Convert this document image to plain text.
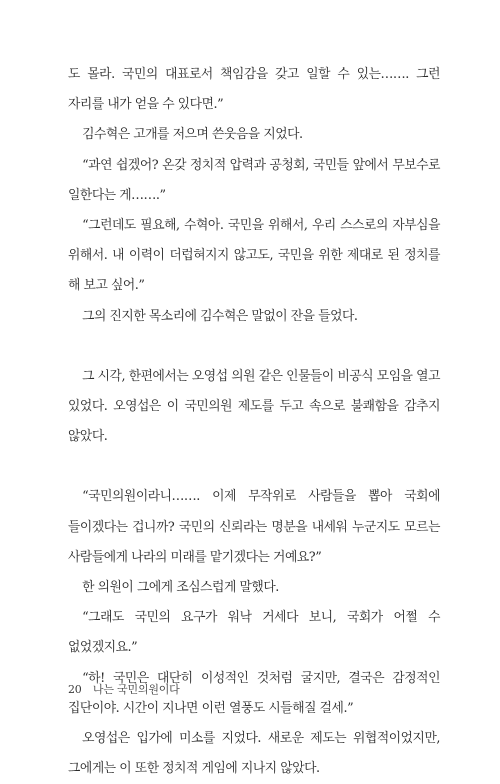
도 몰라. 국민의 대표로서 책임감을 갖고 일할 수 있는……. 그런 자리를 내가 얻을 수 있다면.”

김수혁은 고개를 저으며 쓴웃음을 지었다.

“과연 쉽겠어? 온갖 정치적 압력과 공청회, 국민들 앞에서 무보수로 일한다는 게…….”

“그런데도 필요해, 수혁아. 국민을 위해서, 우리 스스로의 자부심을 위해서. 내 이력이 더럽혀지지 않고도, 국민을 위한 제대로 된 정치를 해 보고 싶어.”

그의 진지한 목소리에 김수혁은 말없이 잔을 들었다.

그 시각, 한편에서는 오영섭 의원 같은 인물들이 비공식 모임을 열고 있었다. 오영섭은 이 국민의원 제도를 두고 속으로 불쾌함을 감추지 않았다.

“국민의원이라니……. 이제 무작위로 사람들을 뽑아 국회에 들이겠다는 겁니까? 국민의 신뢰라는 명분을 내세워 누군지도 모르는 사람들에게 나라의 미래를 맡기겠다는 거예요?”

한 의원이 그에게 조심스럽게 말했다.

“그래도 국민의 요구가 워낙 거세다 보니, 국회가 어쩔 수 없었겠지요.”

“하! 국민은 대단히 이성적인 것처럼 굴지만, 결국은 감정적인 집단이야. 시간이 지나면 이런 열풍도 시들해질 걸세.”

오영섭은 입가에 미소를 지었다. 새로운 제도는 위협적이었지만, 그에게는 이 또한 정치적 게임에 지나지 않았다.

20 나는 국민의원이다
